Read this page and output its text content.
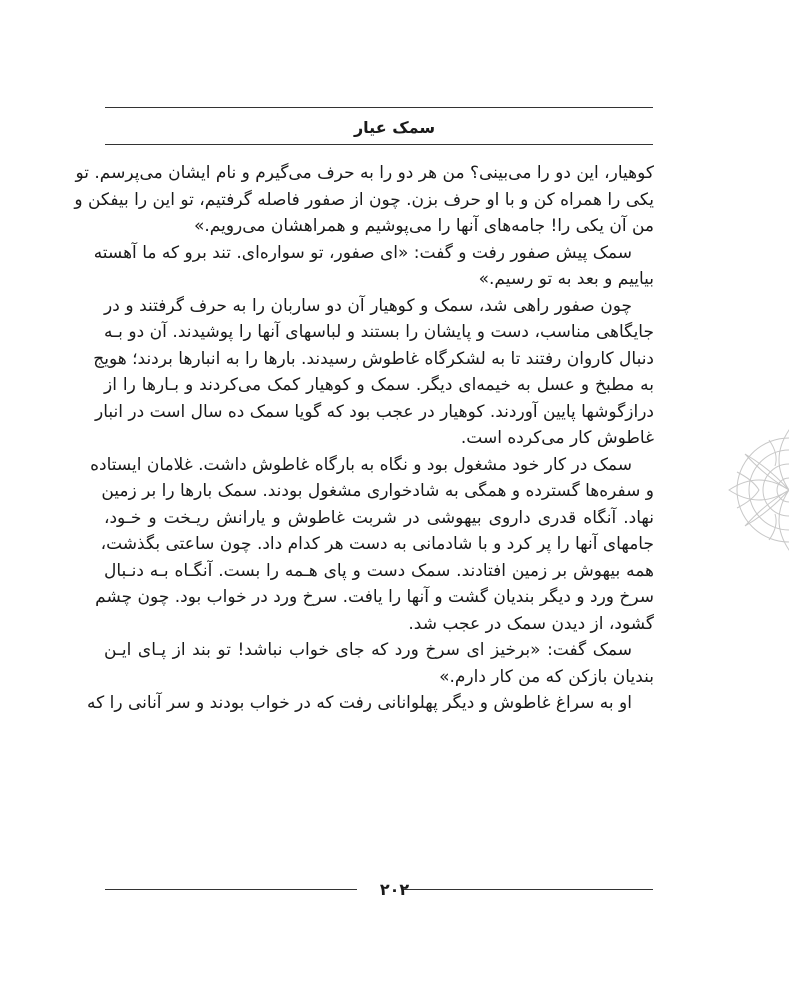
سمک عیار
کوهیار، این دو را می‌بینی؟ من هر دو را به حرف می‌گیرم و نام ایشان می‌پرسم. تو
یکی را همراه کن و با او حرف بزن. چون از صفور فاصله گرفتیم، تو این را بیفکن و
من آن یکی را! جامه‌های آنها را می‌پوشیم و همراهشان می‌رویم.»
سمک پیش صفور رفت و گفت: «ای صفور، تو سواره‌ای. تند برو که ما آهسته
بیاییم و بعد به تو رسیم.»
چون صفور راهی شد، سمک و کوهیار آن دو ساربان را به حرف گرفتند و در
جایگاهی مناسب، دست و پایشان را بستند و لباسهای آنها را پوشیدند. آن دو بـه
دنبال کاروان رفتند تا به لشکرگاه غاطوش رسیدند. بارها را به انبارها بردند؛ هویج
به مطبخ و عسل به خیمه‌ای دیگر. سمک و کوهیار کمک می‌کردند و بـارها را از
درازگوشها پایین آوردند. کوهیار در عجب بود که گویا سمک ده سال است در انبار
غاطوش کار می‌کرده است.
سمک در کار خود مشغول بود و نگاه به بارگاه غاطوش داشت. غلامان ایستاده
و سفره‌ها گسترده و همگی به شادخواری مشغول بودند. سمک بارها را بر زمین
نهاد. آنگاه قدری داروی بیهوشی در شربت غاطوش و یارانش ریـخت و خـود،
جامهای آنها را پر کرد و با شادمانی به دست هر کدام داد. چون ساعتی بگذشت،
همه بیهوش بر زمین افتادند. سمک دست و پای هـمه را بست. آنگـاه بـه دنـبال
سرخ ورد و دیگر بندیان گشت و آنها را یافت. سرخ ورد در خواب بود. چون چشم
گشود، از دیدن سمک در عجب شد.
سمک گفت: «برخیز ای سرخ ورد که جای خواب نباشد! تو بند از پـای ایـن
بندیان بازکن که من کار دارم.»
او به سراغ غاطوش و دیگر پهلوانانی رفت که در خواب بودند و سر آنانی را که
۲۰۲
